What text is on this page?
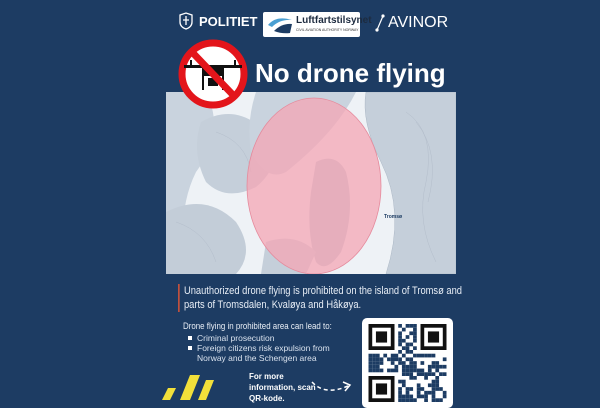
POLITIET	Luftfartstilsynet
CIVIL AVIATION AUTHORITY NORWAY AVINOR
Tromsø
No drone flying
Unauthorized drone flying is prohibited on the island of Tromsø and parts of Tromsdalen, Kvaløya and Håkøya.
Drone flying in prohibited area can lead to:
Criminal prosecution
Foreign citizens risk expulsion from Norway and the Schengen area
For more information, scan QR-kode.
